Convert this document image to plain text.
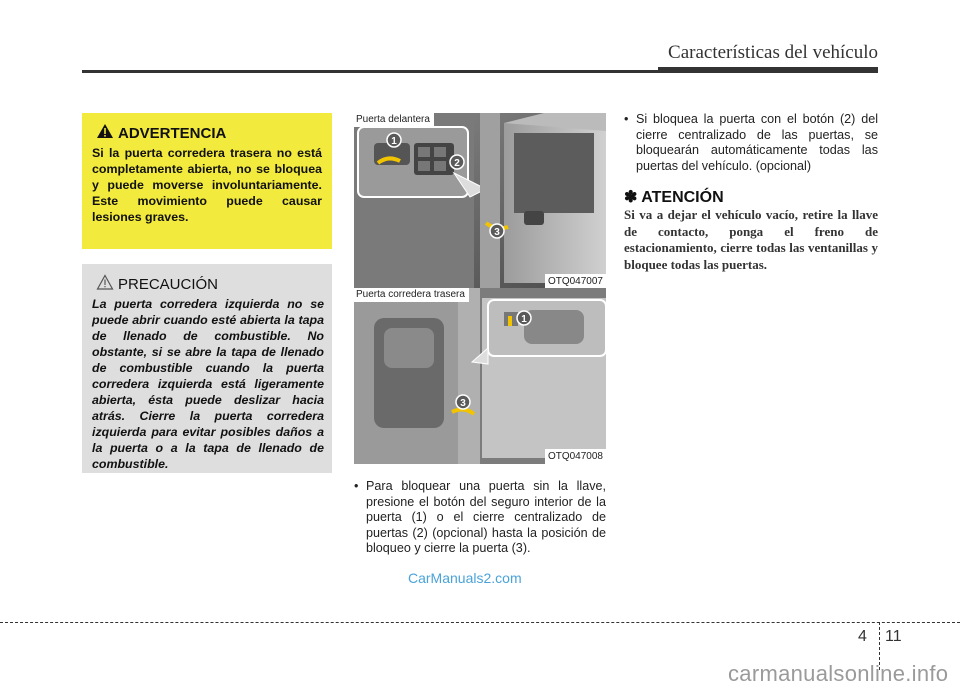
Características del vehículo
ADVERTENCIA
Si la puerta corredera trasera no está completamente abierta, no se bloquea y puede moverse involuntariamente. Este movimiento puede causar lesiones graves.
PRECAUCIÓN
La puerta corredera izquierda no se puede abrir cuando esté abierta la tapa de llenado de combustible. No obstante, si se abre la tapa de llenado de combustible cuando la puerta corredera izquierda está ligeramente abierta, ésta puede deslizar hacia atrás. Cierre la puerta corredera izquierda para evitar posibles daños a la puerta o a la tapa de llenado de combustible.
1
2
3
Puerta delantera
OTQ047007
1
3
Puerta corredera trasera
OTQ047008
• Para bloquear una puerta sin la llave, presione el botón del seguro interior de la puerta (1) o el cierre centralizado de puertas (2) (opcional) hasta la posición de bloqueo y cierre la puerta (3).
• Si bloquea la puerta con el botón (2) del cierre centralizado de las puertas, se bloquearán automáticamente todas las puertas del vehículo. (opcional)
✽ ATENCIÓN
Si va a dejar el vehículo vacío, retire la llave de contacto, ponga el freno de estacionamiento, cierre todas las ventanillas y bloquee todas las puertas.
CarManuals2.com
4 11
carmanualsonline.info
